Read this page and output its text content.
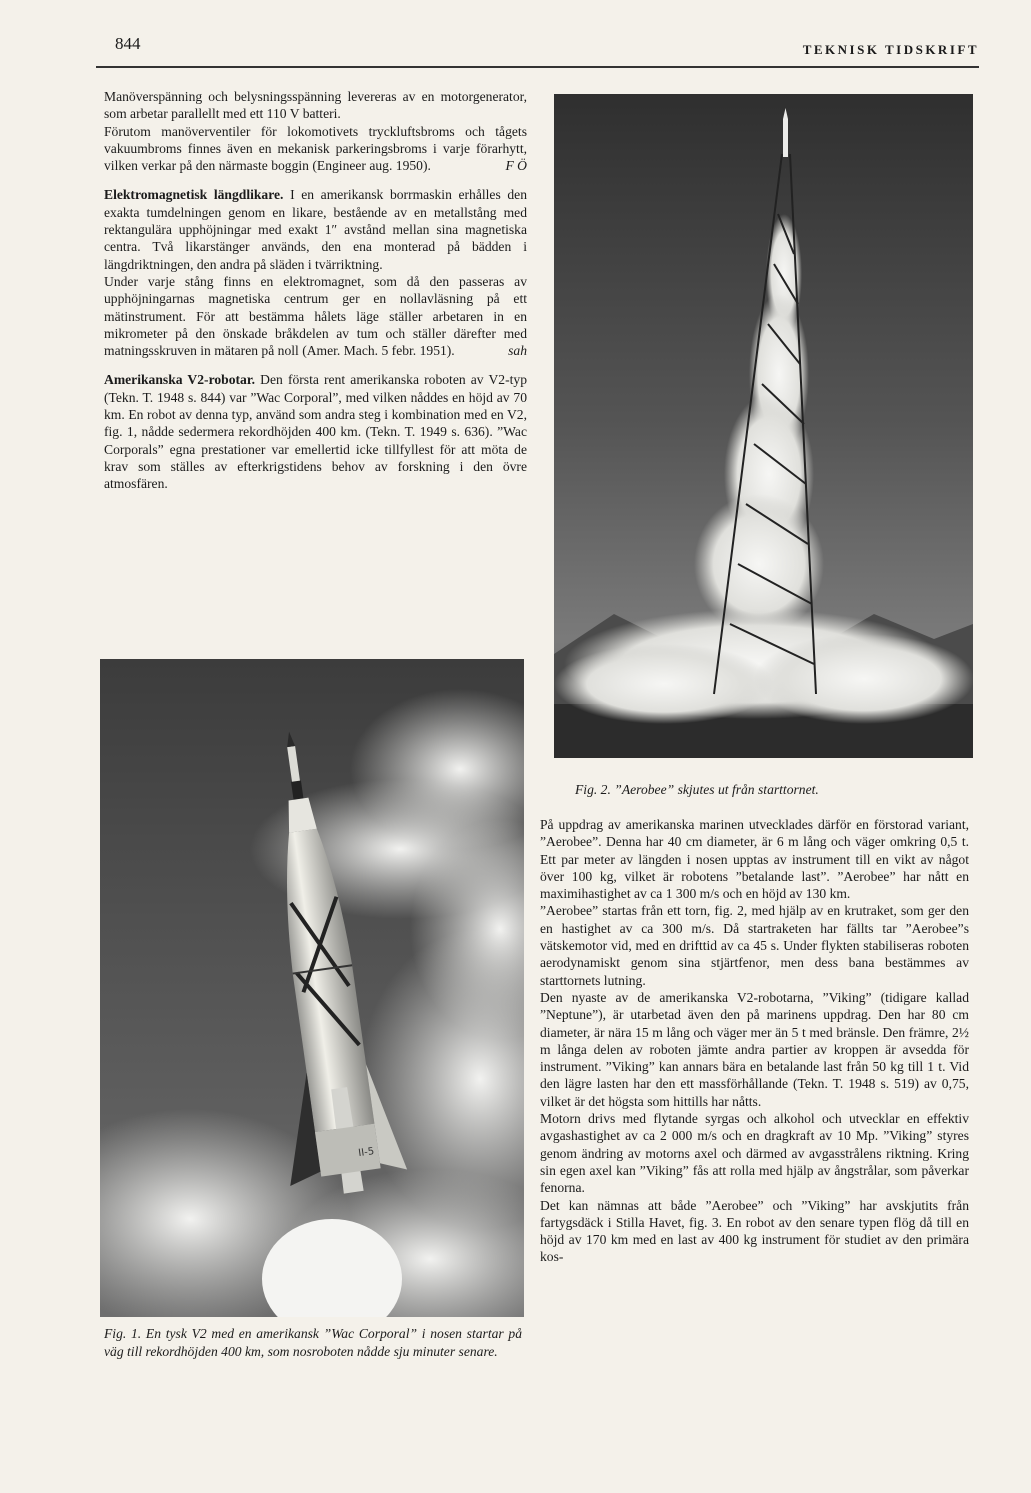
844	TEKNISK TIDSKRIFT

Manöverspänning och belysningsspänning levereras av en motorgenerator, som arbetar parallellt med ett 110 V batteri.

Förutom manöverventiler för lokomotivets tryckluftsbroms och tågets vakuumbroms finnes även en mekanisk parkeringsbroms i varje förarhytt, vilken verkar på den närmaste boggin (Engineer aug. 1950).	F Ö

Elektromagnetisk längdlikare. I en amerikansk borrmaskin erhålles den exakta tumdelningen genom en likare, bestående av en metallstång med rektangulära upphöjningar med exakt 1″ avstånd mellan sina magnetiska centra. Två likarstänger används, den ena monterad på bädden i längdriktningen, den andra på släden i tvärriktning.

Under varje stång finns en elektromagnet, som då den passeras av upphöjningarnas magnetiska centrum ger en nollavläsning på ett mätinstrument. För att bestämma hålets läge ställer arbetaren in en mikrometer på den önskade bråkdelen av tum och ställer därefter med matningsskruven in mätaren på noll (Amer. Mach. 5 febr. 1951).	sah

Amerikanska V2-robotar. Den första rent amerikanska roboten av V2-typ (Tekn. T. 1948 s. 844) var ”Wac Corporal”, med vilken nåddes en höjd av 70 km. En robot av denna typ, använd som andra steg i kombination med en V2, fig. 1, nådde sedermera rekordhöjden 400 km. (Tekn. T. 1949 s. 636). ”Wac Corporals” egna prestationer var emellertid icke tillfyllest för att möta de krav som ställes av efterkrigstidens behov av forskning i den övre atmosfären.

II-5
Fig. 1. En tysk V2 med en amerikansk ”Wac Corporal” i nosen startar på väg till rekordhöjden 400 km, som nosroboten nådde sju minuter senare.
Fig. 2. ”Aerobee” skjutes ut från starttornet.

På uppdrag av amerikanska marinen utvecklades därför en förstorad variant, ”Aerobee”. Denna har 40 cm diameter, är 6 m lång och väger omkring 0,5 t. Ett par meter av längden i nosen upptas av instrument till en vikt av något över 100 kg, vilket är robotens ”betalande last”. ”Aerobee” har nått en maximihastighet av ca 1 300 m/s och en höjd av 130 km.

”Aerobee” startas från ett torn, fig. 2, med hjälp av en krutraket, som ger den en hastighet av ca 300 m/s. Då startraketen har fällts tar ”Aerobee”s vätskemotor vid, med en drifttid av ca 45 s. Under flykten stabiliseras roboten aerodynamiskt genom sina stjärtfenor, men dess bana bestämmes av starttornets lutning.

Den nyaste av de amerikanska V2-robotarna, ”Viking” (tidigare kallad ”Neptune”), är utarbetad även den på marinens uppdrag. Den har 80 cm diameter, är nära 15 m lång och väger mer än 5 t med bränsle. Den främre, 2½ m långa delen av roboten jämte andra partier av kroppen är avsedda för instrument. ”Viking” kan annars bära en betalande last från 50 kg till 1 t. Vid den lägre lasten har den ett massförhållande (Tekn. T. 1948 s. 519) av 0,75, vilket är det högsta som hittills har nåtts.

Motorn drivs med flytande syrgas och alkohol och utvecklar en effektiv avgashastighet av ca 2 000 m/s och en dragkraft av 10 Mp. ”Viking” styres genom ändring av motorns axel och därmed av avgasstrålens riktning. Kring sin egen axel kan ”Viking” fås att rolla med hjälp av ångstrålar, som påverkar fenorna.

Det kan nämnas att både ”Aerobee” och ”Viking” har avskjutits från fartygsdäck i Stilla Havet, fig. 3. En robot av den senare typen flög då till en höjd av 170 km med en last av 400 kg instrument för studiet av den primära kos-
